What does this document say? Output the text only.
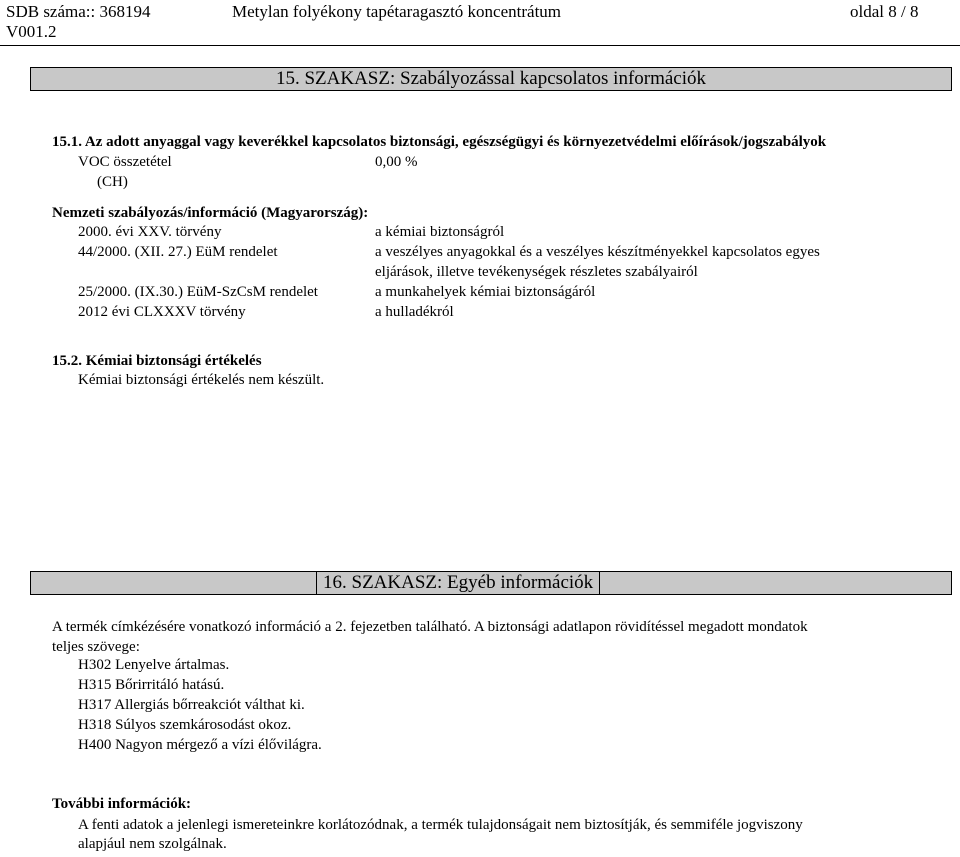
SDB száma:: 368194
V001.2
Metylan folyékony tapétaragasztó koncentrátum	oldal 8 / 8
15. SZAKASZ: Szabályozással kapcsolatos információk
15.1. Az adott anyaggal vagy keverékkel kapcsolatos biztonsági, egészségügyi és környezetvédelmi előírások/jogszabályok
VOC összetétel	0,00 %
(CH)
Nemzeti szabályozás/információ (Magyarország):
2000. évi XXV. törvény	a kémiai biztonságról
44/2000. (XII. 27.) EüM rendelet	a veszélyes anyagokkal és a veszélyes készítményekkel kapcsolatos egyes
eljárások, illetve tevékenységek részletes szabályairól
25/2000. (IX.30.) EüM-SzCsM rendelet	a munkahelyek kémiai biztonságáról
2012 évi CLXXXV törvény	a hulladékról
15.2. Kémiai biztonsági értékelés
Kémiai biztonsági értékelés nem készült.
16. SZAKASZ: Egyéb információk
A termék címkézésére vonatkozó információ a 2. fejezetben található. A biztonsági adatlapon rövidítéssel megadott mondatok
teljes szövege:
H302 Lenyelve ártalmas.
H315 Bőrirritáló hatású.
H317 Allergiás bőrreakciót válthat ki.
H318 Súlyos szemkárosodást okoz.
H400 Nagyon mérgező a vízi élővilágra.
További információk:
A fenti adatok a jelenlegi ismereteinkre korlátozódnak, a termék tulajdonságait nem biztosítják, és semmiféle jogviszony
alapjául nem szolgálnak.
